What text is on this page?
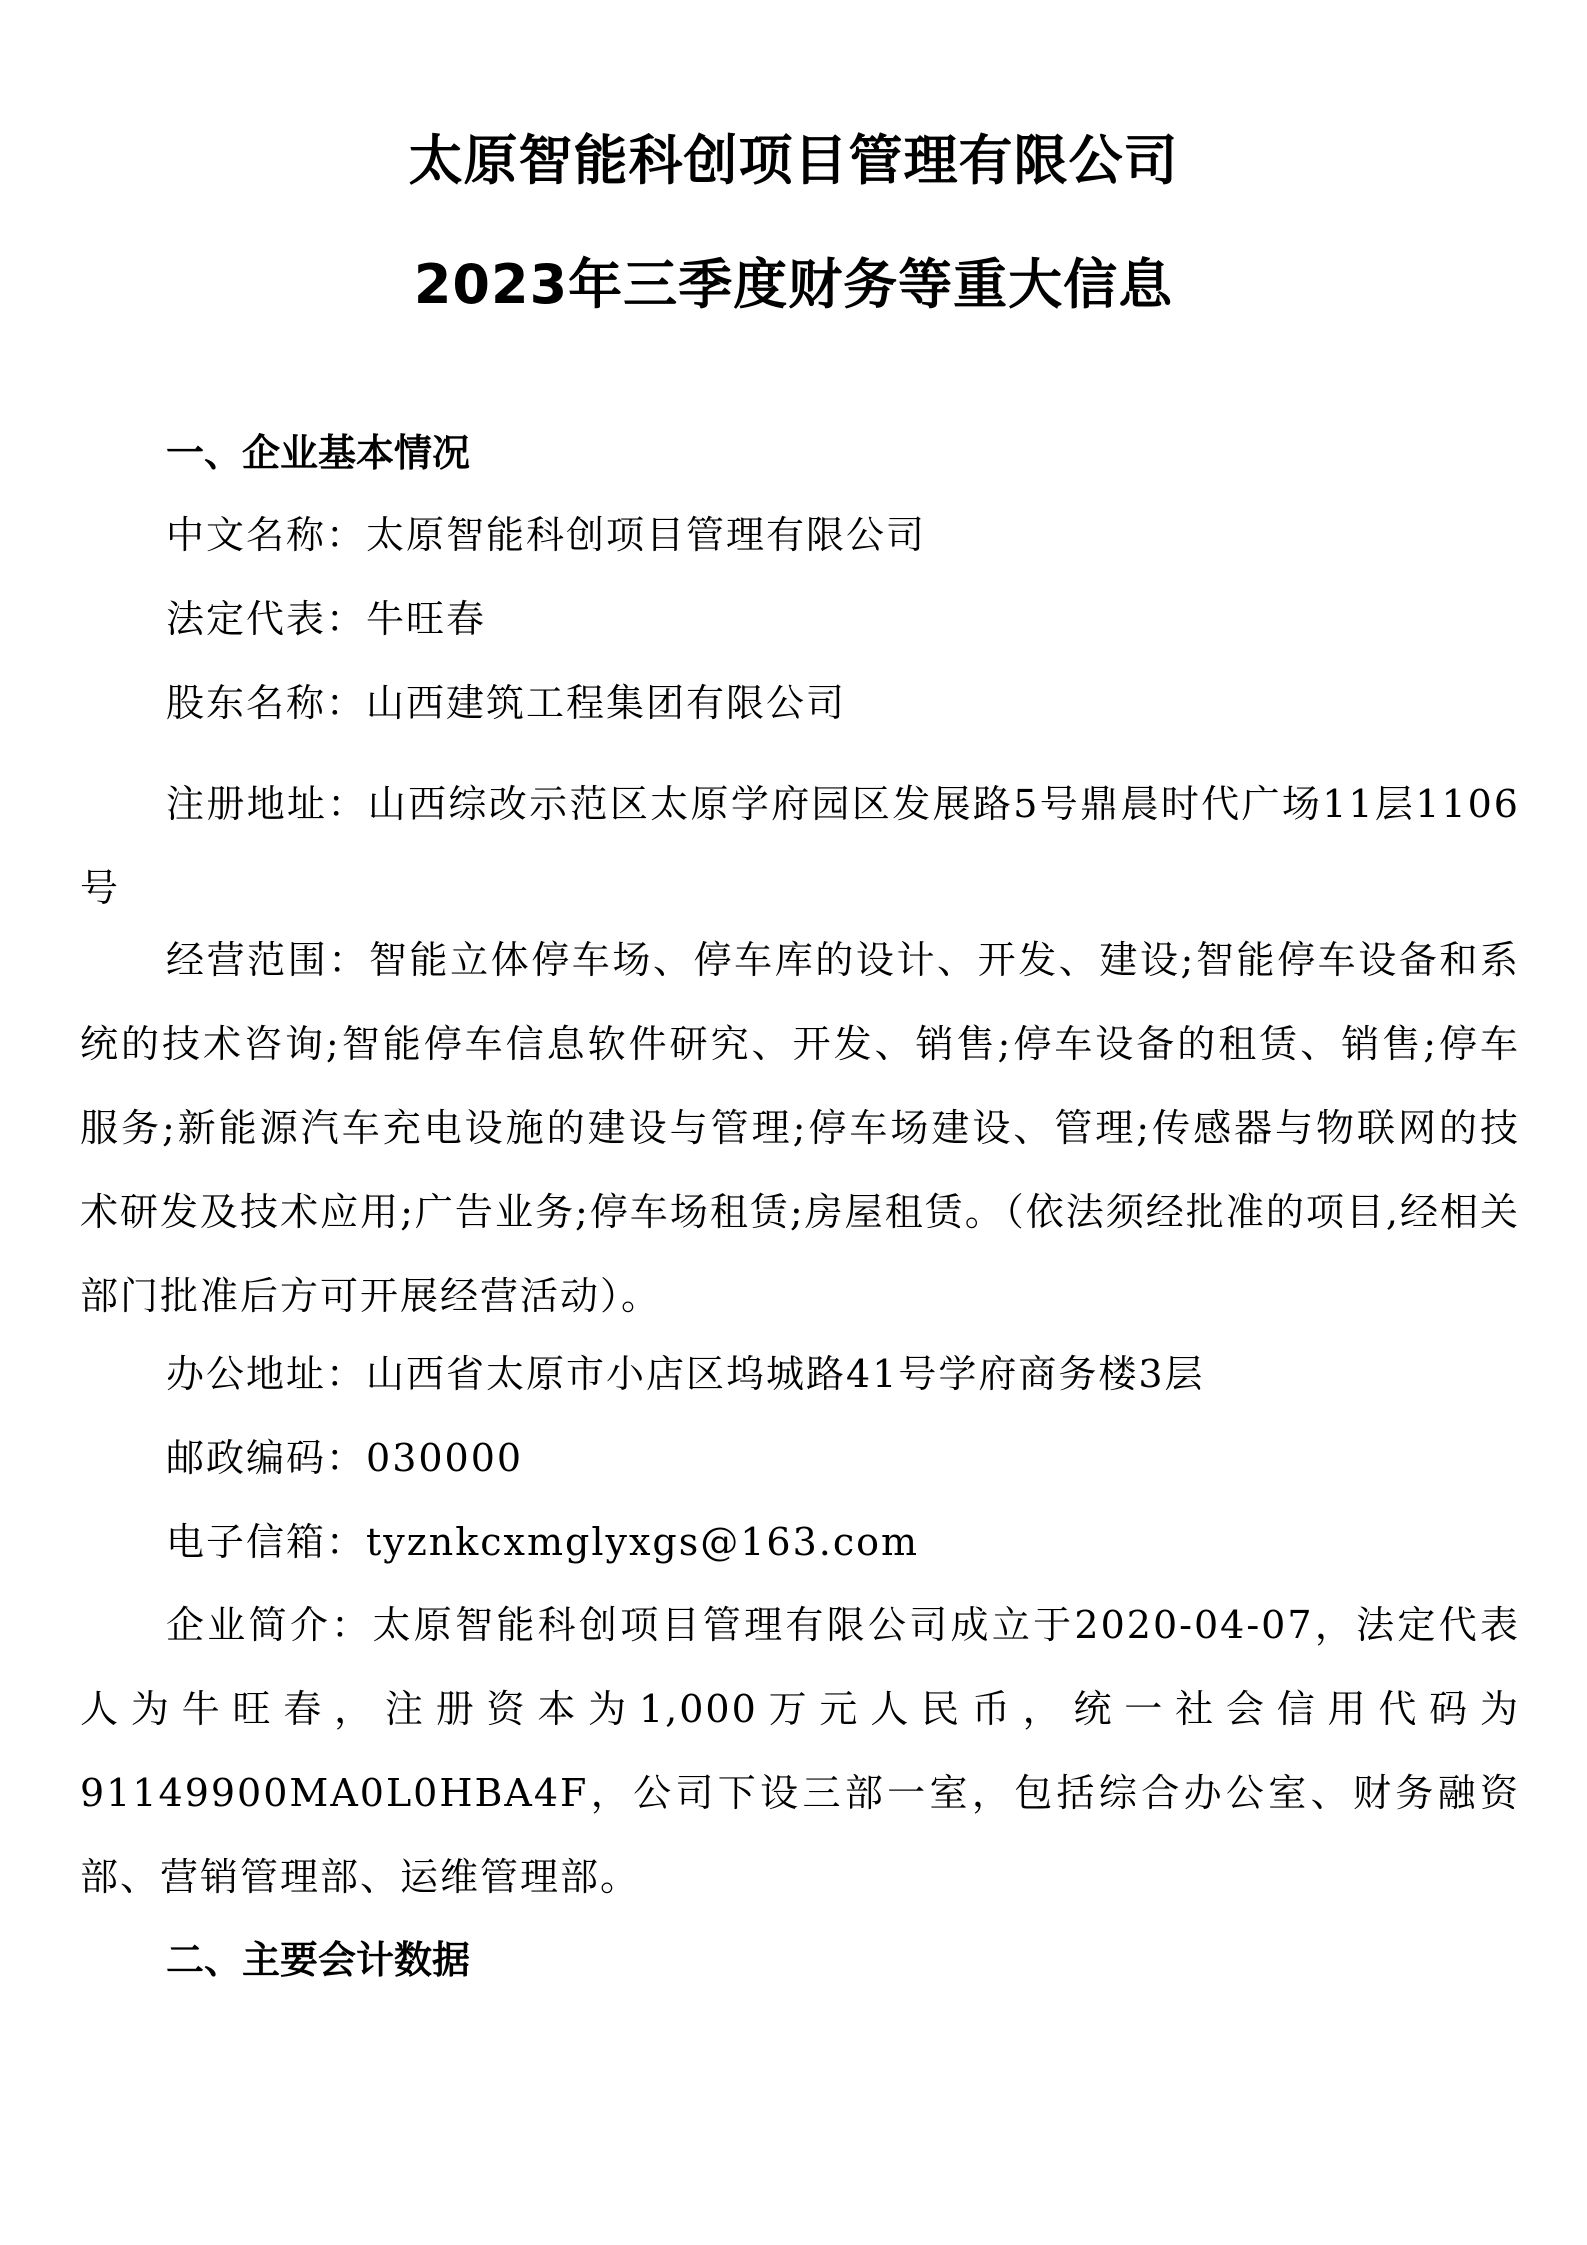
太原智能科创项目管理有限公司
2023年三季度财务等重大信息
一、企业基本情况
中文名称：太原智能科创项目管理有限公司
法定代表：牛旺春
股东名称：山西建筑工程集团有限公司
注册地址：山西综改示范区太原学府园区发展路5号鼎晨时代广场11层1106号
经营范围：智能立体停车场、停车库的设计、开发、建设;智能停车设备和系统的技术咨询;智能停车信息软件研究、开发、销售;停车设备的租赁、销售;停车服务;新能源汽车充电设施的建设与管理;停车场建设、管理;传感器与物联网的技术研发及技术应用;广告业务;停车场租赁;房屋租赁。（依法须经批准的项目,经相关部门批准后方可开展经营活动）。
办公地址：山西省太原市小店区坞城路41号学府商务楼3层
邮政编码：030000
电子信箱：tyznkcxmglyxgs@163.com
企业简介：太原智能科创项目管理有限公司成立于2020-04-07，法定代表人为牛旺春，注册资本为1,000万元人民币，统一社会信用代码为91149900MA0L0HBA4F，公司下设三部一室，包括综合办公室、财务融资部、营销管理部、运维管理部。
二、主要会计数据
